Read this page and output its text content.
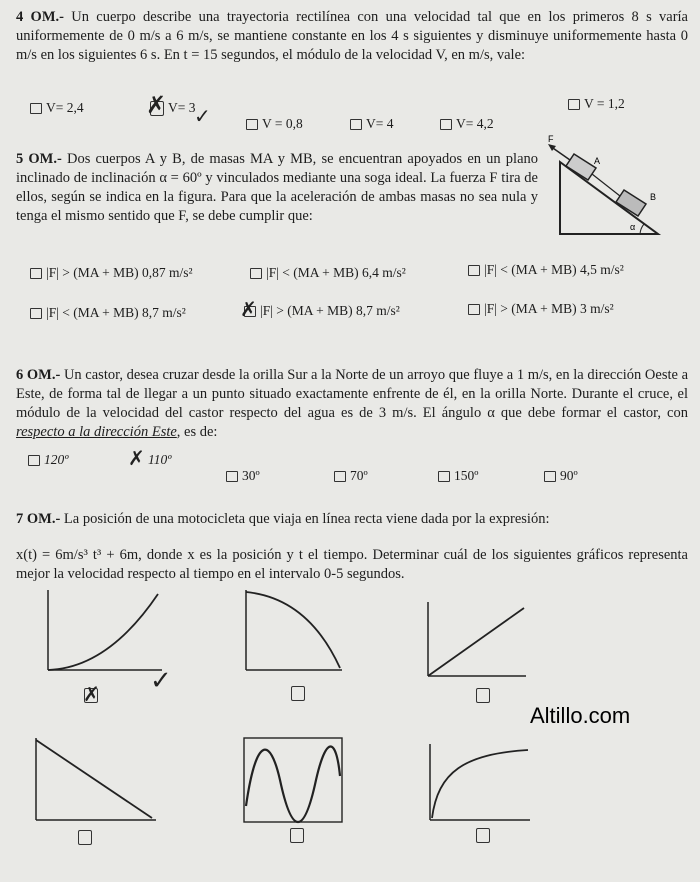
4 OM.- Un cuerpo describe una trayectoria rectilínea con una velocidad tal que en los primeros 8 s varía uniformemente de 0 m/s a 6 m/s, se mantiene constante en los 4 s siguientes y disminuye uniformemente hasta 0 m/s en los siguientes 6 s. En t = 15 segundos, el módulo de la velocidad V, en m/s, vale:
V= 2,4	V= 3
✗ ✓	V = 0,8	V= 4	V= 4,2
V = 1,2
5 OM.- Dos cuerpos A y B, de masas MA y MB, se encuentran apoyados en un plano inclinado de inclinación α = 60º y vinculados mediante una soga ideal. La fuerza F tira de ellos, según se indica en la figura. Para que la aceleración de ambas masas no sea nula y tenga el mismo sentido que F, se debe cumplir que:
F
A
B
α
|F| > (MA + MB) 0,87 m/s²	|F| < (MA + MB) 6,4 m/s²	|F| < (MA + MB) 4,5 m/s²
|F| < (MA + MB) 8,7 m/s²	|F| > (MA + MB) 8,7 m/s²
✗	|F| > (MA + MB) 3 m/s²
6 OM.- Un castor, desea cruzar desde la orilla Sur a la Norte de un arroyo que fluye a 1 m/s, en la dirección Oeste a Este, de forma tal de llegar a un punto situado exactamente enfrente de él, en la orilla Norte. Durante el cruce, el módulo de la velocidad del castor respecto del agua es de 3 m/s. El ángulo α que debe formar el castor, con respecto a la dirección Este, es de:
120º	110º
✗
30º	70º	150º	90º
7 OM.- La posición de una motocicleta que viaja en línea recta viene dada por la expresión:
x(t) = 6m/s³ t³ + 6m, donde x es la posición y t el tiempo. Determinar cuál de los siguientes gráficos representa mejor la velocidad respecto al tiempo en el intervalo 0-5 segundos.
✗ ✓
Altillo.com
